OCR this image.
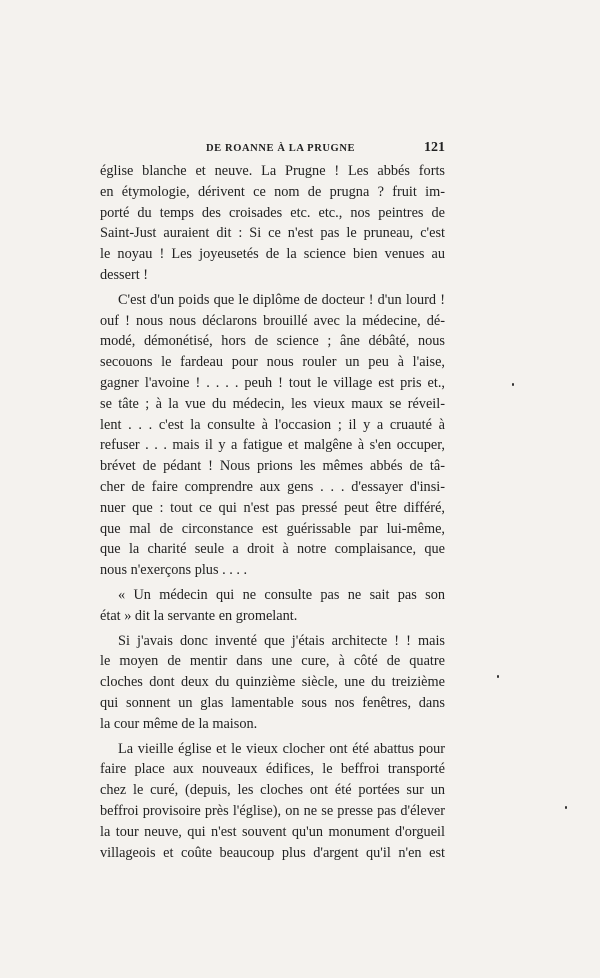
DE ROANNE À LA PRUGNE	121
église blanche et neuve. La Prugne ! Les abbés forts
en étymologie, dérivent ce nom de prugna ? fruit im-
porté du temps des croisades etc. etc., nos peintres de
Saint-Just auraient dit : Si ce n'est pas le pruneau, c'est
le noyau ! Les joyeusetés de la science bien venues au
dessert !
C'est d'un poids que le diplôme de docteur ! d'un lourd !
ouf ! nous nous déclarons brouillé avec la médecine, dé-
modé, démonétisé, hors de science ; âne débâté, nous
secouons le fardeau pour nous rouler un peu à l'aise,
gagner l'avoine ! . . . . peuh ! tout le village est pris et.,
se tâte ; à la vue du médecin, les vieux maux se réveil-
lent . . . c'est la consulte à l'occasion ; il y a cruauté à
refuser . . . mais il y a fatigue et malgêne à s'en occuper,
brévet de pédant ! Nous prions les mêmes abbés de tâ-
cher de faire comprendre aux gens . . . d'essayer d'insi-
nuer que : tout ce qui n'est pas pressé peut être différé,
que mal de circonstance est guérissable par lui-même,
que la charité seule a droit à notre complaisance, que
nous n'exerçons plus . . . .
« Un médecin qui ne consulte pas ne sait pas son
état » dit la servante en gromelant.
Si j'avais donc inventé que j'étais architecte ! ! mais
le moyen de mentir dans une cure, à côté de quatre
cloches dont deux du quinzième siècle, une du treizième
qui sonnent un glas lamentable sous nos fenêtres, dans
la cour même de la maison.
La vieille église et le vieux clocher ont été abattus pour
faire place aux nouveaux édifices, le beffroi transporté
chez le curé, (depuis, les cloches ont été portées sur un
beffroi provisoire près l'église), on ne se presse pas d'élever
la tour neuve, qui n'est souvent qu'un monument d'orgueil
villageois et coûte beaucoup plus d'argent qu'il n'en est
